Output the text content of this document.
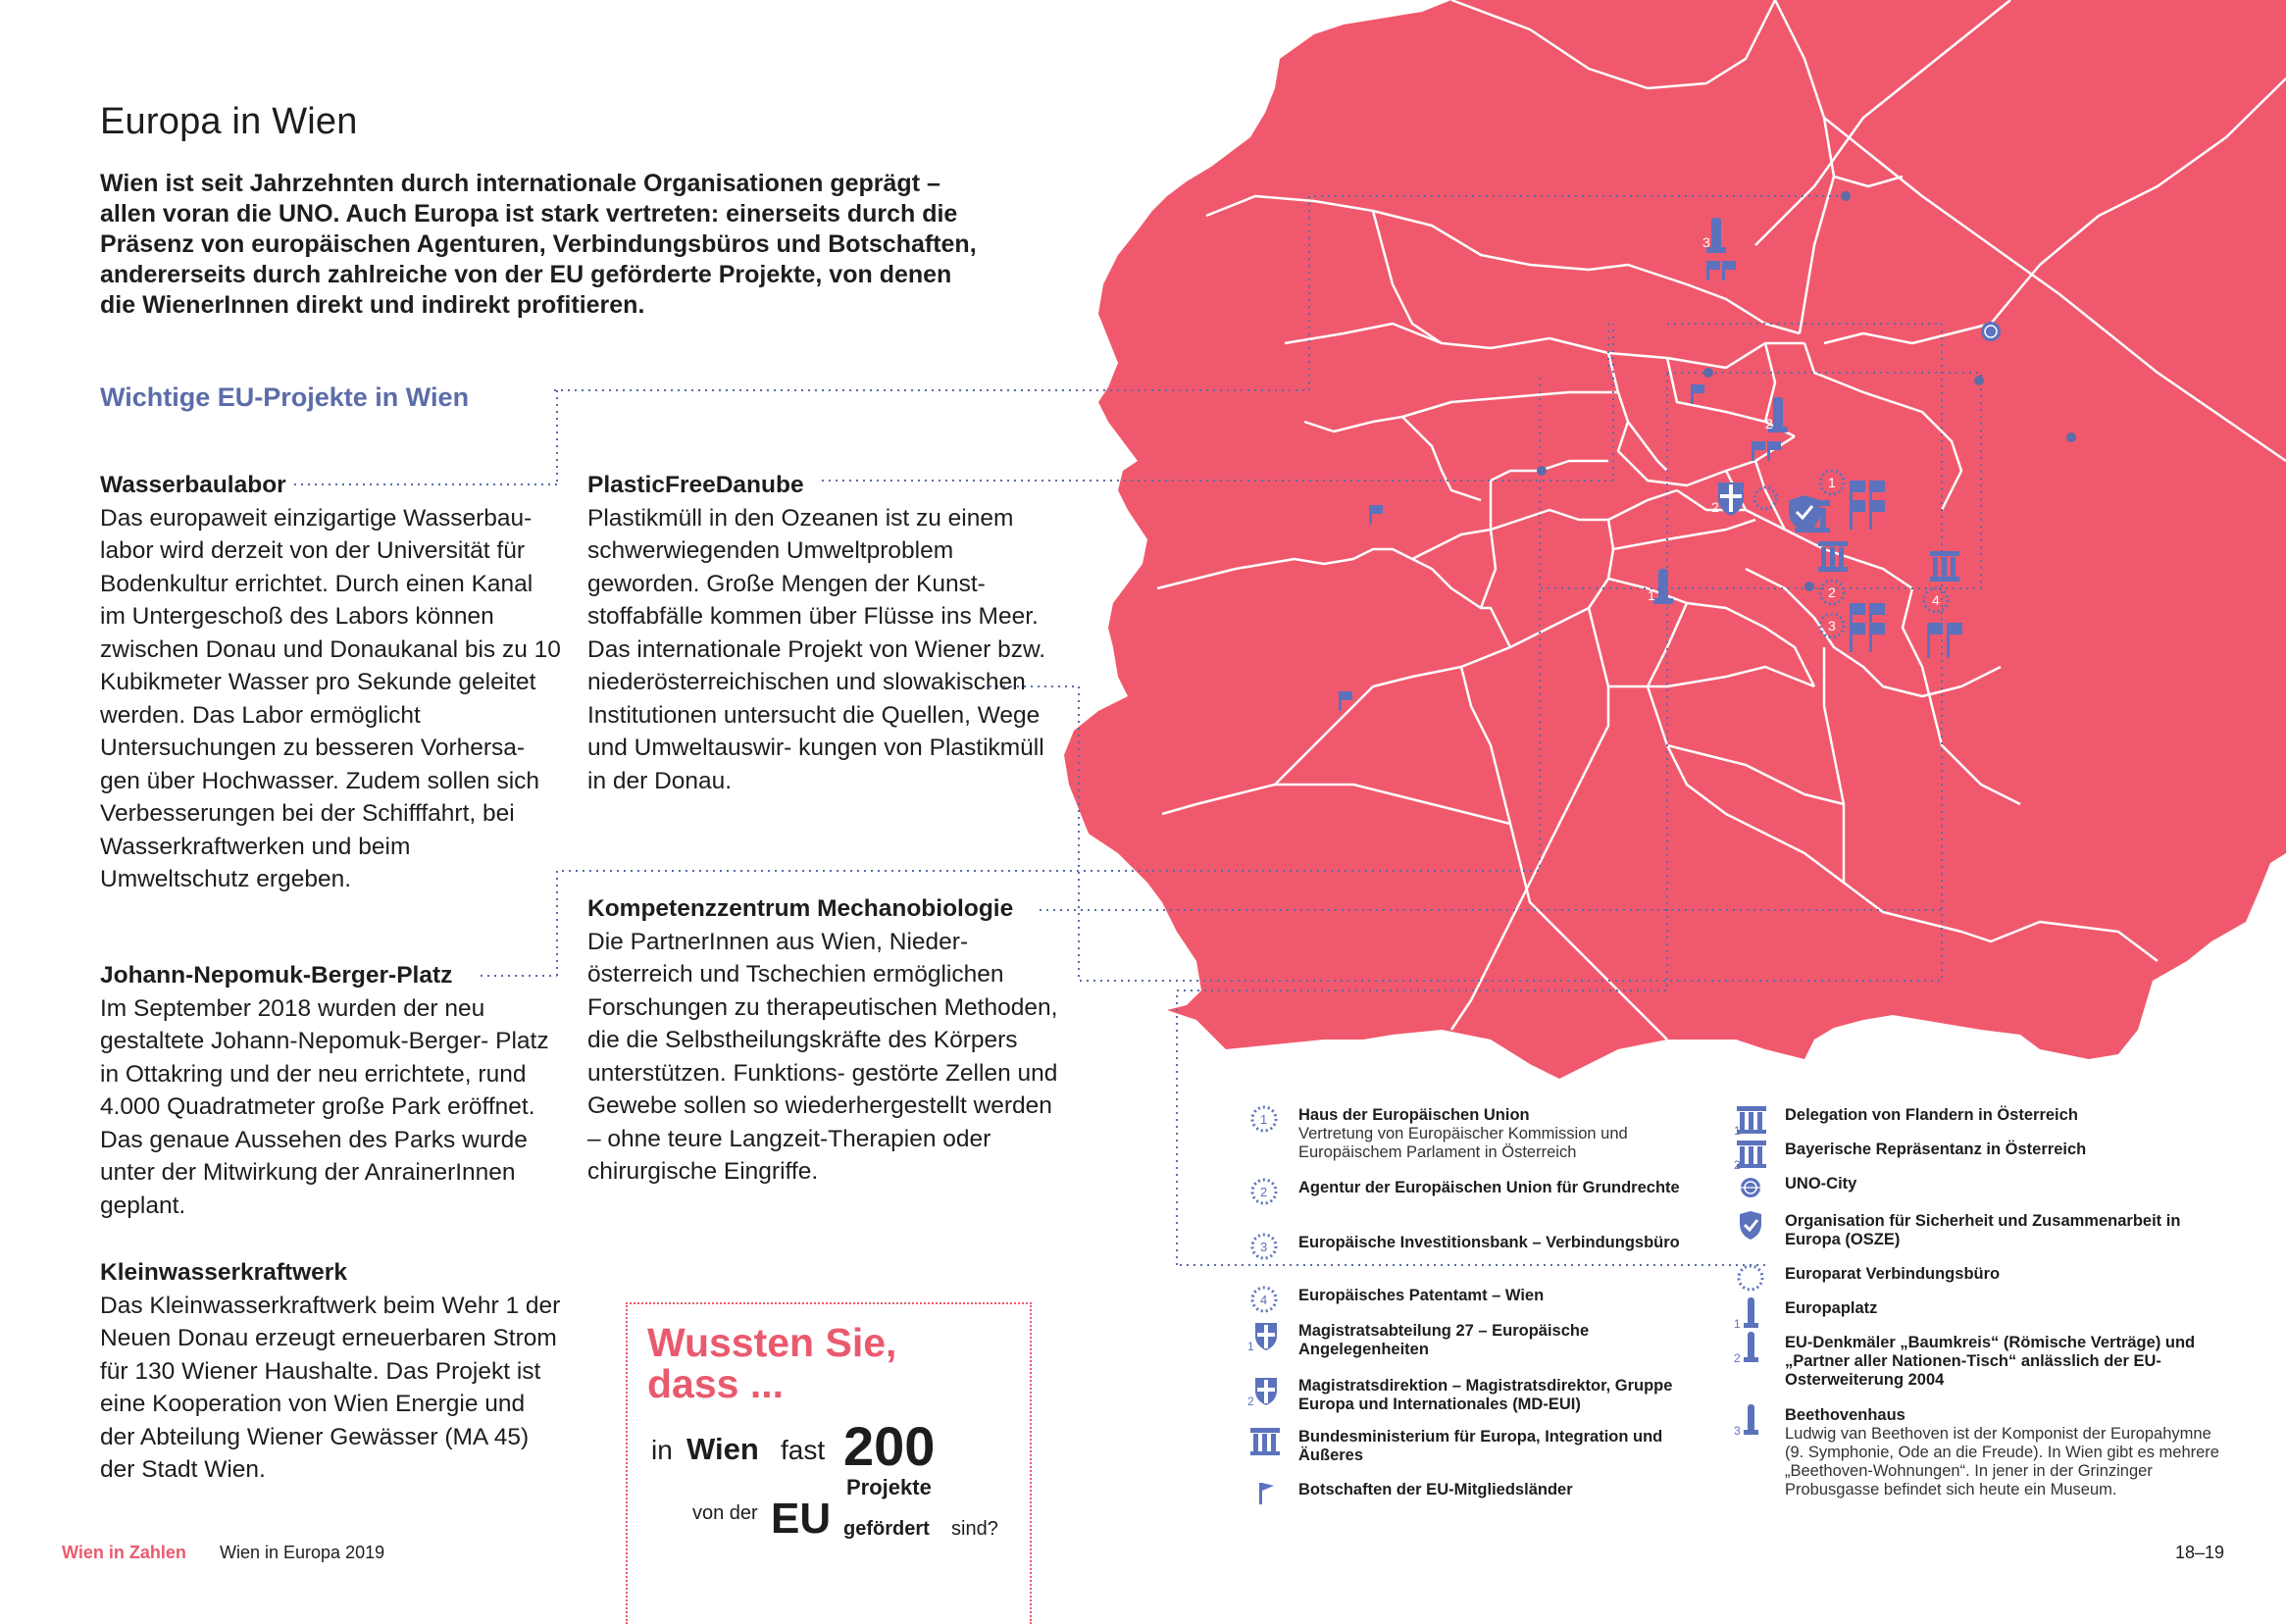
3
2
1
1
2
3
4
2
Europa in Wien

Wien ist seit Jahrzehnten durch internationale Organisationen geprägt – allen voran die UNO. Auch Europa ist stark vertreten: einerseits durch die Präsenz von europäischen Agenturen, Verbindungsbüros und Botschaften, andererseits durch zahlreiche von der EU geförderte Projekte, von denen die WienerInnen direkt und indirekt profitieren.

Wichtige EU-Projekte in Wien
Wasserbaulabor

Das europaweit einzigartige Wasserbau- labor wird derzeit von der Universität für Bodenkultur errichtet. Durch einen Kanal im Untergeschoß des Labors können zwischen Donau und Donaukanal bis zu 10 Kubikmeter Wasser pro Sekunde geleitet werden. Das Labor ermöglicht Untersuchungen zu besseren Vorhersa- gen über Hochwasser. Zudem sollen sich Verbesserungen bei der Schifffahrt, bei Wasserkraftwerken und beim Umweltschutz ergeben.

PlasticFreeDanube

Plastikmüll in den Ozeanen ist zu einem schwerwiegenden Umweltproblem geworden. Große Mengen der Kunst- stoffabfälle kommen über Flüsse ins Meer. Das internationale Projekt von Wiener bzw. niederösterreichischen und slowakischen Institutionen untersucht die Quellen, Wege und Umweltauswir- kungen von Plastikmüll in der Donau.

Kompetenzzentrum Mechanobiologie

Die PartnerInnen aus Wien, Nieder- österreich und Tschechien ermöglichen Forschungen zu therapeutischen Methoden, die die Selbstheilungskräfte des Körpers unterstützen. Funktions- gestörte Zellen und Gewebe sollen so wiederhergestellt werden – ohne teure Langzeit-Therapien oder chirurgische Eingriffe.

Johann-Nepomuk-Berger-Platz

Im September 2018 wurden der neu gestaltete Johann-Nepomuk-Berger- Platz in Ottakring und der neu errichtete, rund 4.000 Quadratmeter große Park eröffnet. Das genaue Aussehen des Parks wurde unter der Mitwirkung der AnrainerInnen geplant.

Kleinwasserkraftwerk

Das Kleinwasserkraftwerk beim Wehr 1 der Neuen Donau erzeugt erneuerbaren Strom für 130 Wiener Haushalte. Das Projekt ist eine Kooperation von Wien Energie und der Abteilung Wiener Gewässer (MA 45) der Stadt Wien.

Wussten Sie,
dass ...
in Wien fast 200
Projekte
von der EU gefördert sind?
1 Haus der Europäischen Union
Vertretung von Europäischer Kommission und Europäischem Parlament in Österreich
2 Agentur der Europäischen Union für Grundrechte
3 Europäische Investitionsbank – Verbindungsbüro
4 Europäisches Patentamt – Wien
1
Magistratsabteilung 27 – Europäische Angelegenheiten
2
Magistratsdirektion – Magistratsdirektor, Gruppe Europa und Internationales (MD-EUI)
Bundesministerium für Europa, Integration und Äußeres
Botschaften der EU-Mitgliedsländer
1
Delegation von Flandern in Österreich
2
Bayerische Repräsentanz in Österreich
UNO-City
Organisation für Sicherheit und Zusammenarbeit in Europa (OSZE)
Europarat Verbindungsbüro
1
Europaplatz
2
EU-Denkmäler „Baumkreis“ (Römische Verträge) und „Partner aller Nationen-Tisch“ anlässlich der EU-Osterweiterung 2004
3
Beethovenhaus
Ludwig van Beethoven ist der Komponist der Europahymne (9. Symphonie, Ode an die Freude). In Wien gibt es mehrere „Beethoven-Wohnungen“. In jener in der Grinzinger Probusgasse befindet sich heute ein Museum.
Wien in Zahlen Wien in Europa 2019	18–19
